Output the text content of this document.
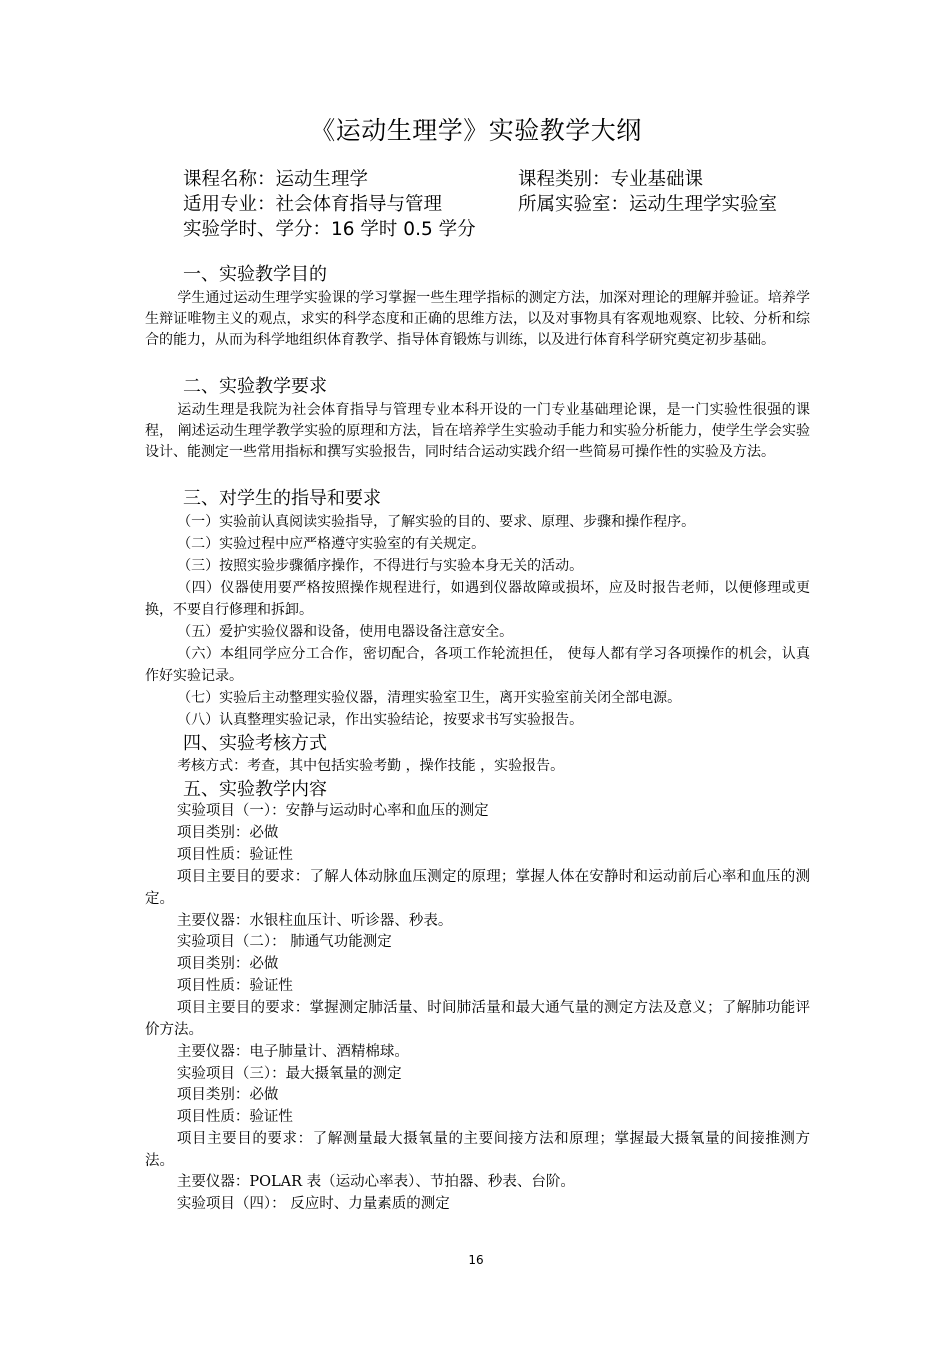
《运动生理学》实验教学大纲
课程名称：运动生理学	课程类别：专业基础课
适用专业：社会体育指导与管理	所属实验室：运动生理学实验室
实验学时、学分：16 学时 0.5 学分
一、实验教学目的
学生通过运动生理学实验课的学习掌握一些生理学指标的测定方法，加深对理论的理解并验证。培养学生辩证唯物主义的观点，求实的科学态度和正确的思维方法，以及对事物具有客观地观察、比较、分析和综合的能力，从而为科学地组织体育教学、指导体育锻炼与训练，以及进行体育科学研究奠定初步基础。
二、实验教学要求
运动生理是我院为社会体育指导与管理专业本科开设的一门专业基础理论课，是一门实验性很强的课程， 阐述运动生理学教学实验的原理和方法，旨在培养学生实验动手能力和实验分析能力，使学生学会实验设计、能测定一些常用指标和撰写实验报告，同时结合运动实践介绍一些简易可操作性的实验及方法。
三、对学生的指导和要求
（一）实验前认真阅读实验指导，了解实验的目的、要求、原理、步骤和操作程序。
（二）实验过程中应严格遵守实验室的有关规定。
（三）按照实验步骤循序操作，不得进行与实验本身无关的活动。
（四）仪器使用要严格按照操作规程进行，如遇到仪器故障或损坏，应及时报告老师，以便修理或更换，不要自行修理和拆卸。
（五）爱护实验仪器和设备，使用电器设备注意安全。
（六）本组同学应分工合作，密切配合，各项工作轮流担任， 使每人都有学习各项操作的机会，认真作好实验记录。
（七）实验后主动整理实验仪器，清理实验室卫生，离开实验室前关闭全部电源。
（八）认真整理实验记录，作出实验结论，按要求书写实验报告。
四、实验考核方式
考核方式：考查，其中包括实验考勤 ，操作技能 ，实验报告。
五、实验教学内容
实验项目（一）：安静与运动时心率和血压的测定
项目类别：必做
项目性质：验证性
项目主要目的要求：了解人体动脉血压测定的原理；掌握人体在安静时和运动前后心率和血压的测定。
主要仪器：水银柱血压计、听诊器、秒表。
实验项目（二）： 肺通气功能测定
项目类别：必做
项目性质：验证性
项目主要目的要求：掌握测定肺活量、时间肺活量和最大通气量的测定方法及意义；了解肺功能评价方法。
主要仪器：电子肺量计、酒精棉球。
实验项目（三）：最大摄氧量的测定
项目类别：必做
项目性质：验证性
项目主要目的要求：了解测量最大摄氧量的主要间接方法和原理；掌握最大摄氧量的间接推测方法。
主要仪器：POLAR 表（运动心率表）、节拍器、秒表、台阶。
实验项目（四）： 反应时、力量素质的测定
16
